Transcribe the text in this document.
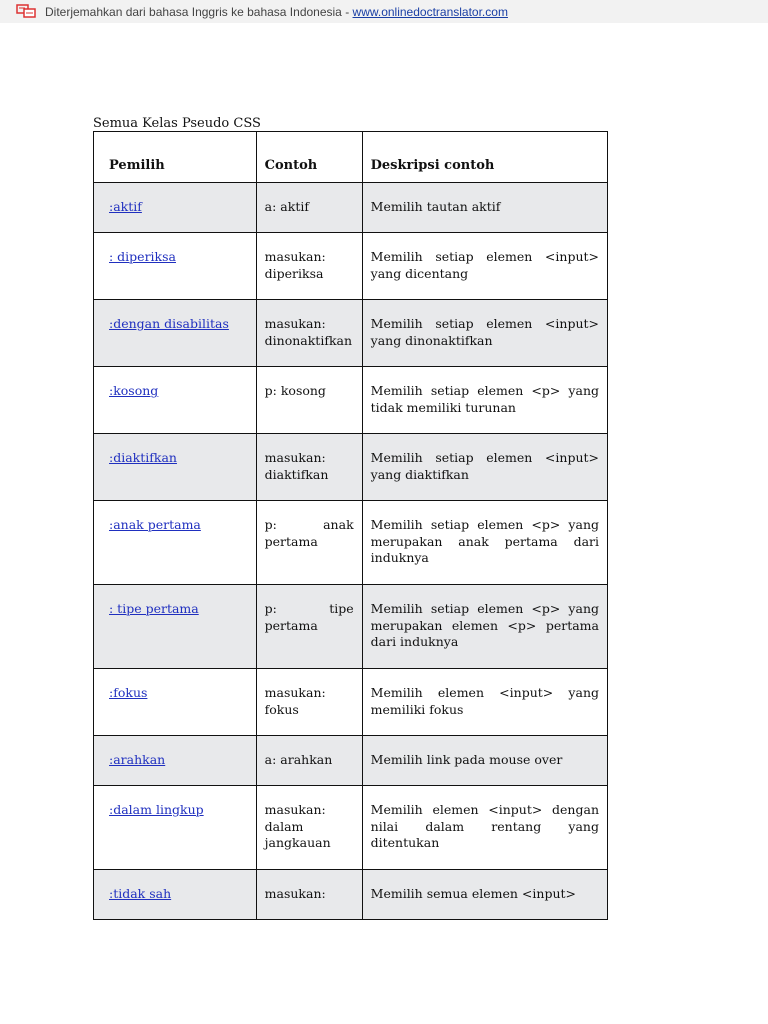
Diterjemahkan dari bahasa Inggris ke bahasa Indonesia - www.onlinedoctranslator.com
Semua Kelas Pseudo CSS
Pemilih	Contoh	Deskripsi contoh
:aktif	a: aktif	Memilih tautan aktif
: diperiksa	masukan: diperiksa	Memilih setiap elemen <input> yang dicentang
:dengan disabilitas	masukan: dinonaktifkan	Memilih setiap elemen <input> yang dinonaktifkan
:kosong	p: kosong	Memilih setiap elemen <p> yang tidak memiliki turunan
:diaktifkan	masukan: diaktifkan	Memilih setiap elemen <input> yang diaktifkan
:anak pertama	p: anak pertama	Memilih setiap elemen <p> yang merupakan anak pertama dari induknya
: tipe pertama	p: tipe pertama	Memilih setiap elemen <p> yang merupakan elemen <p> pertama dari induknya
:fokus	masukan: fokus	Memilih elemen <input> yang memiliki fokus
:arahkan	a: arahkan	Memilih link pada mouse over
:dalam lingkup	masukan: dalam jangkauan	Memilih elemen <input> dengan nilai dalam rentang yang ditentukan
:tidak sah	masukan:	Memilih semua elemen <input>
